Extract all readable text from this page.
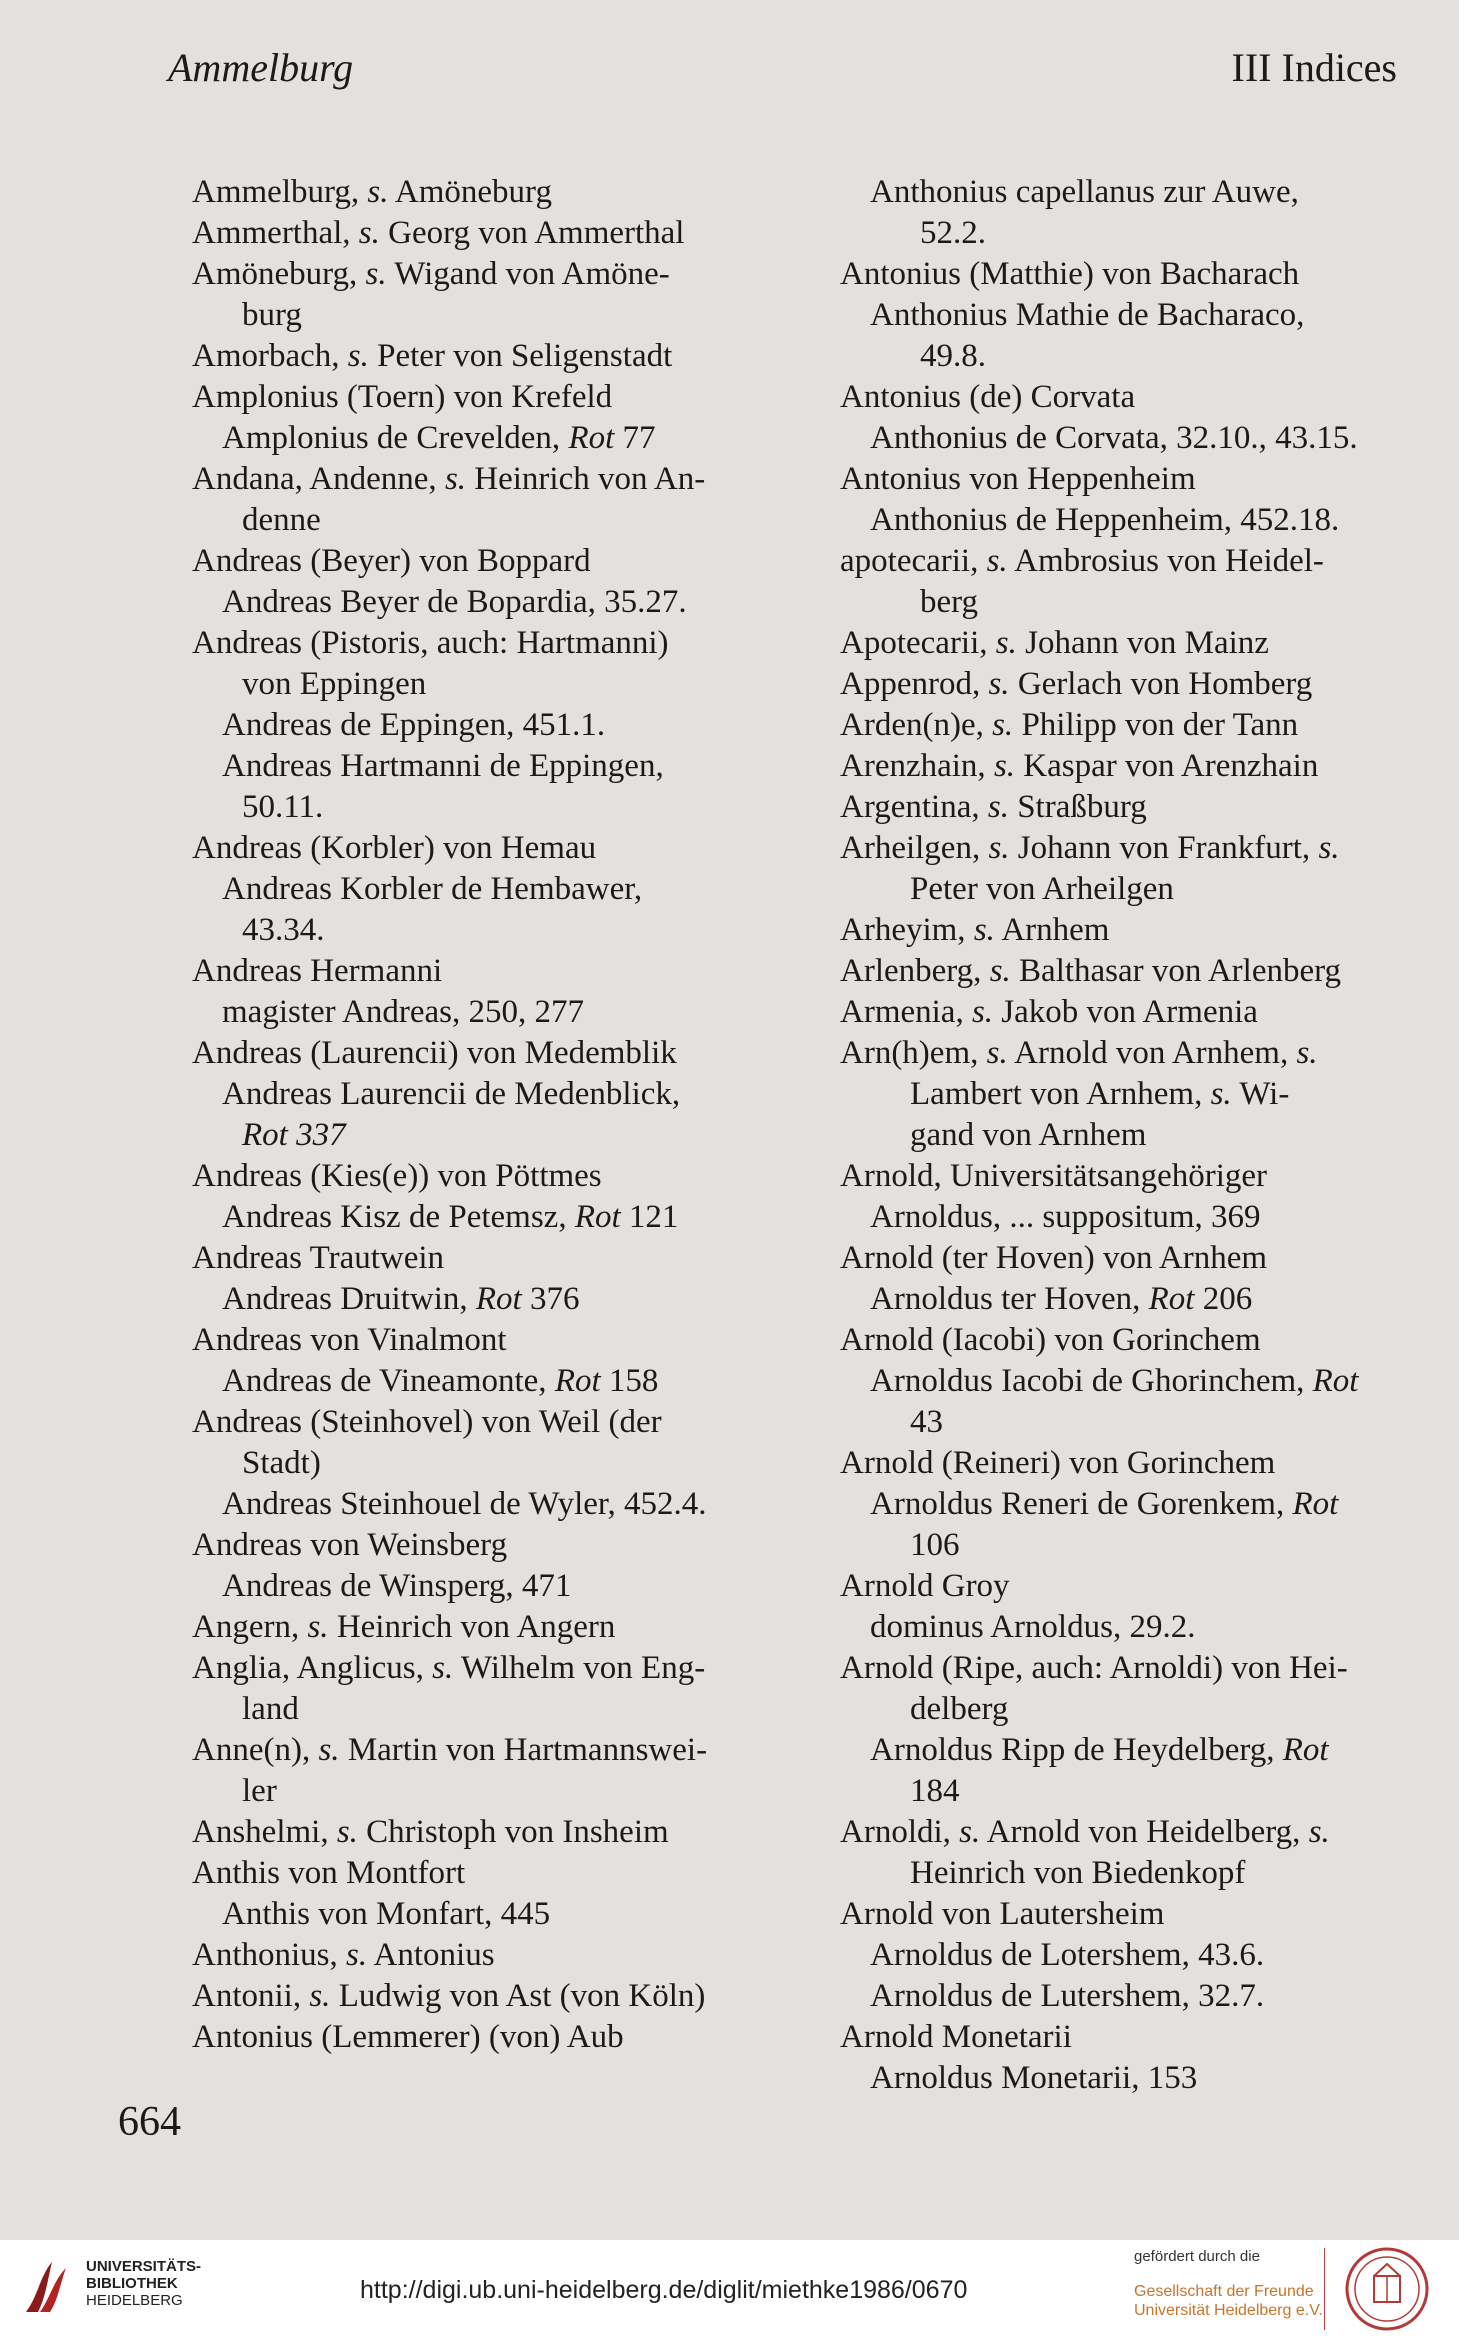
Ammelburg	III Indices
Ammelburg, s. Amöneburg
Ammerthal, s. Georg von Ammerthal
Amöneburg, s. Wigand von Amöne-
burg
Amorbach, s. Peter von Seligenstadt
Amplonius (Toern) von Krefeld
Amplonius de Crevelden, Rot 77
Andana, Andenne, s. Heinrich von An-
denne
Andreas (Beyer) von Boppard
Andreas Beyer de Bopardia, 35.27.
Andreas (Pistoris, auch: Hartmanni)
von Eppingen
Andreas de Eppingen, 451.1.
Andreas Hartmanni de Eppingen,
50.11.
Andreas (Korbler) von Hemau
Andreas Korbler de Hembawer,
43.34.
Andreas Hermanni
magister Andreas, 250, 277
Andreas (Laurencii) von Medemblik
Andreas Laurencii de Medenblick,
Rot 337
Andreas (Kies(e)) von Pöttmes
Andreas Kisz de Petemsz, Rot 121
Andreas Trautwein
Andreas Druitwin, Rot 376
Andreas von Vinalmont
Andreas de Vineamonte, Rot 158
Andreas (Steinhovel) von Weil (der
Stadt)
Andreas Steinhouel de Wyler, 452.4.
Andreas von Weinsberg
Andreas de Winsperg, 471
Angern, s. Heinrich von Angern
Anglia, Anglicus, s. Wilhelm von Eng-
land
Anne(n), s. Martin von Hartmannswei-
ler
Anshelmi, s. Christoph von Insheim
Anthis von Montfort
Anthis von Monfart, 445
Anthonius, s. Antonius
Antonii, s. Ludwig von Ast (von Köln)
Antonius (Lemmerer) (von) Aub
Anthonius capellanus zur Auwe,
52.2.
Antonius (Matthie) von Bacharach
Anthonius Mathie de Bacharaco,
49.8.
Antonius (de) Corvata
Anthonius de Corvata, 32.10., 43.15.
Antonius von Heppenheim
Anthonius de Heppenheim, 452.18.
apotecarii, s. Ambrosius von Heidel-
berg
Apotecarii, s. Johann von Mainz
Appenrod, s. Gerlach von Homberg
Arden(n)e, s. Philipp von der Tann
Arenzhain, s. Kaspar von Arenzhain
Argentina, s. Straßburg
Arheilgen, s. Johann von Frankfurt, s.
Peter von Arheilgen
Arheyim, s. Arnhem
Arlenberg, s. Balthasar von Arlenberg
Armenia, s. Jakob von Armenia
Arn(h)em, s. Arnold von Arnhem, s.
Lambert von Arnhem, s. Wi-
gand von Arnhem
Arnold, Universitätsangehöriger
Arnoldus, ... suppositum, 369
Arnold (ter Hoven) von Arnhem
Arnoldus ter Hoven, Rot 206
Arnold (Iacobi) von Gorinchem
Arnoldus Iacobi de Ghorinchem, Rot
43
Arnold (Reineri) von Gorinchem
Arnoldus Reneri de Gorenkem, Rot
106
Arnold Groy
dominus Arnoldus, 29.2.
Arnold (Ripe, auch: Arnoldi) von Hei-
delberg
Arnoldus Ripp de Heydelberg, Rot
184
Arnoldi, s. Arnold von Heidelberg, s.
Heinrich von Biedenkopf
Arnold von Lautersheim
Arnoldus de Lotershem, 43.6.
Arnoldus de Lutershem, 32.7.
Arnold Monetarii
Arnoldus Monetarii, 153
664
UNIVERSITÄTS-
BIBLIOTHEK
HEIDELBERG	http://digi.ub.uni-heidelberg.de/diglit/miethke1986/0670
gefördert durch die
Gesellschaft der Freunde
Universität Heidelberg e.V.
